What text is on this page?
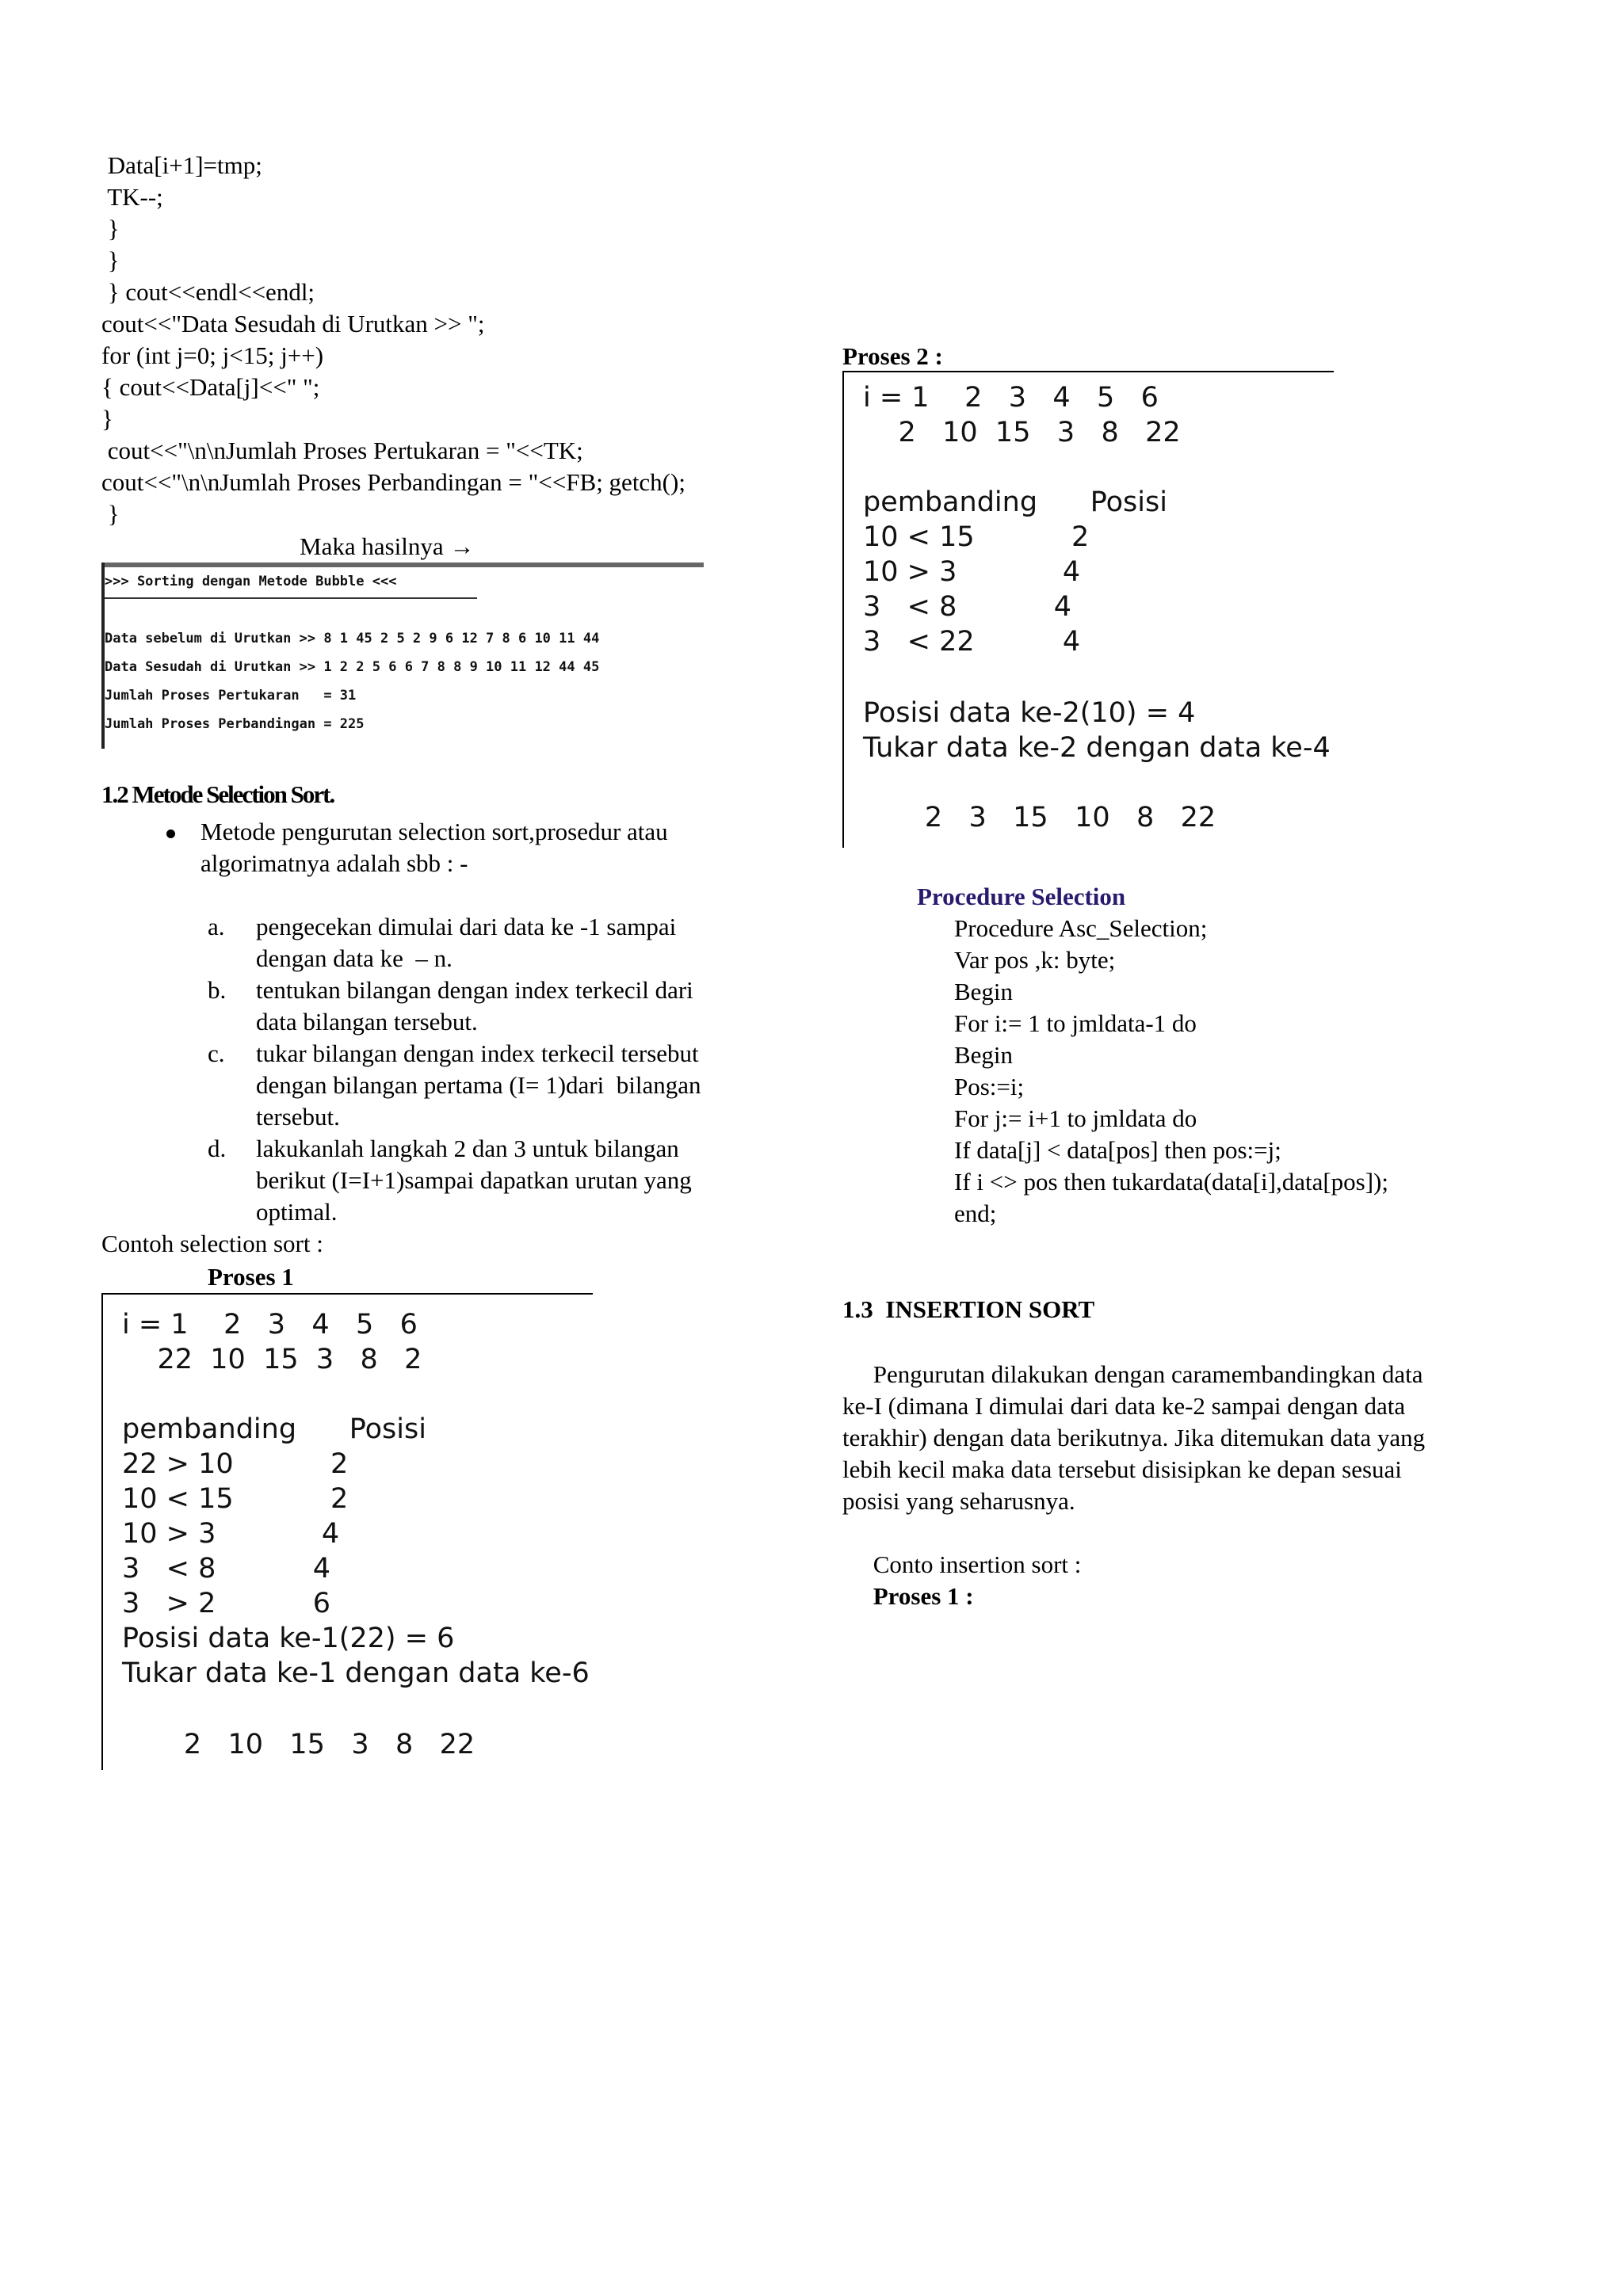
Data[i+1]=tmp;
TK--;
}
}
} cout<<endl<<endl;
cout<<"Data Sesudah di Urutkan >> ";
for (int j=0; j<15; j++)
{ cout<<Data[j]<<" ";
}
cout<<"\n\nJumlah Proses Pertukaran = "<<TK;
cout<<"\n\nJumlah Proses Perbandingan = "<<FB; getch();
}
Maka hasilnya →
>>> Sorting dengan Metode Bubble <<<
Data sebelum di Urutkan >> 8 1 45 2 5 2 9 6 12 7 8 6 10 11 44
Data Sesudah di Urutkan >> 1 2 2 5 6 6 7 8 8 9 10 11 12 44 45
Jumlah Proses Pertukaran   = 31
Jumlah Proses Perbandingan = 225
1.2 Metode Selection Sort.
Metode pengurutan selection sort,prosedur atau
algorimatnya adalah sbb : -
a. pengecekan dimulai dari data ke -1 sampai
dengan data ke  – n.
b. tentukan bilangan dengan index terkecil dari
data bilangan tersebut.
c. tukar bilangan dengan index terkecil tersebut
dengan bilangan pertama (I= 1)dari  bilangan
tersebut.
d. lakukanlah langkah 2 dan 3 untuk bilangan
berikut (I=I+1)sampai dapatkan urutan yang
optimal.
Contoh selection sort :
Proses 1
i = 1    2   3   4   5   6
22  10  15  3   8   2
pembanding      Posisi
22 > 10           2
10 < 15           2
10 > 3            4
3   < 8           4
3   > 2           6
Posisi data ke-1(22) = 6
Tukar data ke-1 dengan data ke-6
2   10   15   3   8   22
Proses 2 :
i = 1    2   3   4   5   6
2   10  15   3   8   22
pembanding      Posisi
10 < 15           2
10 > 3            4
3   < 8           4
3   < 22          4
Posisi data ke-2(10) = 4
Tukar data ke-2 dengan data ke-4
2   3   15   10   8   22
Procedure Selection
Procedure Asc_Selection;
Var pos ,k: byte;
Begin
For i:= 1 to jmldata-1 do
Begin
Pos:=i;
For j:= i+1 to jmldata do
If data[j] < data[pos] then pos:=j;
If i <> pos then tukardata(data[i],data[pos]);
end;
1.3  INSERTION SORT
Pengurutan dilakukan dengan caramembandingkan data
ke-I (dimana I dimulai dari data ke-2 sampai dengan data
terakhir) dengan data berikutnya. Jika ditemukan data yang
lebih kecil maka data tersebut disisipkan ke depan sesuai
posisi yang seharusnya.
Conto insertion sort :
Proses 1 :
